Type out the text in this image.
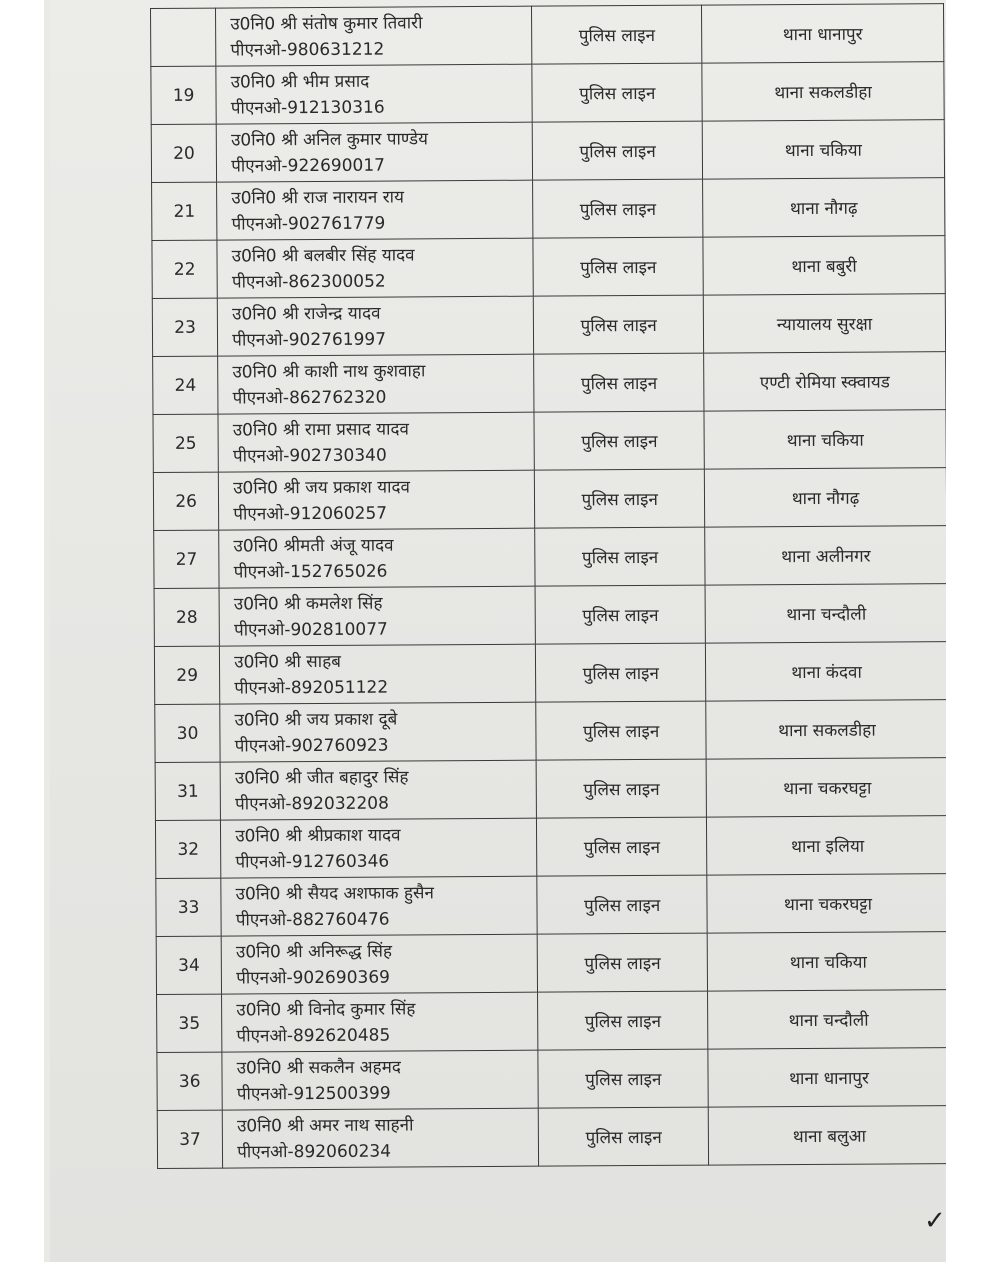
	उ0नि0 श्री संतोष कुमार तिवारी
पीएनओ-980631212	पुलिस लाइन	थाना धानापुर
19	उ0नि0 श्री भीम प्रसाद
पीएनओ-912130316	पुलिस लाइन	थाना सकलडीहा
20	उ0नि0 श्री अनिल कुमार पाण्डेय
पीएनओ-922690017	पुलिस लाइन	थाना चकिया
21	उ0नि0 श्री राज नारायन राय
पीएनओ-902761779	पुलिस लाइन	थाना नौगढ़
22	उ0नि0 श्री बलबीर सिंह यादव
पीएनओ-862300052	पुलिस लाइन	थाना बबुरी
23	उ0नि0 श्री राजेन्द्र यादव
पीएनओ-902761997	पुलिस लाइन	न्यायालय सुरक्षा
24	उ0नि0 श्री काशी नाथ कुशवाहा
पीएनओ-862762320	पुलिस लाइन	एण्टी रोमिया स्क्वायड
25	उ0नि0 श्री रामा प्रसाद यादव
पीएनओ-902730340	पुलिस लाइन	थाना चकिया
26	उ0नि0 श्री जय प्रकाश यादव
पीएनओ-912060257	पुलिस लाइन	थाना नौगढ़
27	उ0नि0 श्रीमती अंजू यादव
पीएनओ-152765026	पुलिस लाइन	थाना अलीनगर
28	उ0नि0 श्री कमलेश सिंह
पीएनओ-902810077	पुलिस लाइन	थाना चन्दौली
29	उ0नि0 श्री साहब
पीएनओ-892051122	पुलिस लाइन	थाना कंदवा
30	उ0नि0 श्री जय प्रकाश दूबे
पीएनओ-902760923	पुलिस लाइन	थाना सकलडीहा
31	उ0नि0 श्री जीत बहादुर सिंह
पीएनओ-892032208	पुलिस लाइन	थाना चकरघट्टा
32	उ0नि0 श्री श्रीप्रकाश यादव
पीएनओ-912760346	पुलिस लाइन	थाना इलिया
33	उ0नि0 श्री सैयद अशफाक हुसैन
पीएनओ-882760476	पुलिस लाइन	थाना चकरघट्टा
34	उ0नि0 श्री अनिरूद्ध सिंह
पीएनओ-902690369	पुलिस लाइन	थाना चकिया
35	उ0नि0 श्री विनोद कुमार सिंह
पीएनओ-892620485	पुलिस लाइन	थाना चन्दौली
36	उ0नि0 श्री सकलैन अहमद
पीएनओ-912500399	पुलिस लाइन	थाना धानापुर
37	उ0नि0 श्री अमर नाथ साहनी
पीएनओ-892060234	पुलिस लाइन	थाना बलुआ
✓
